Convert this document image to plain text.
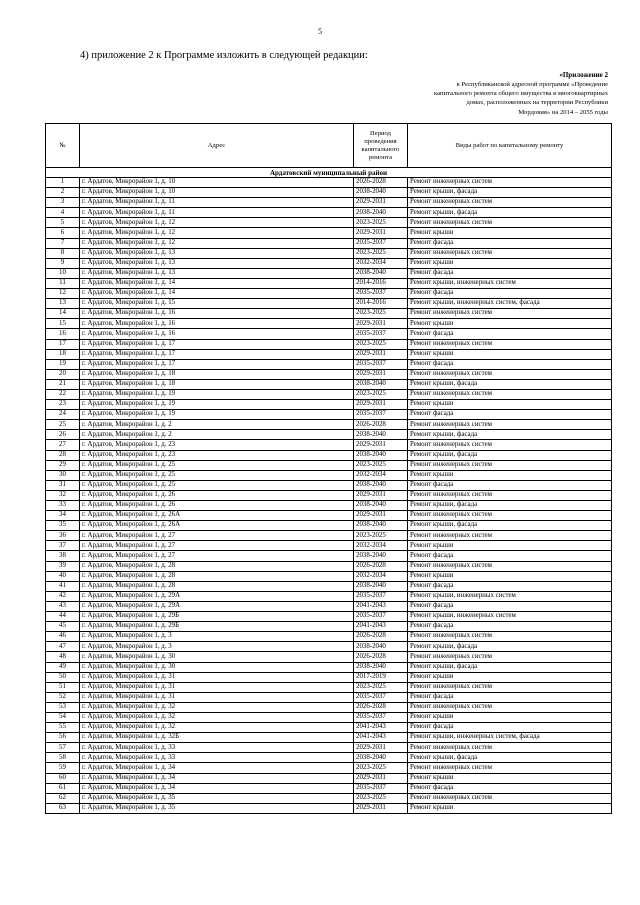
5
4) приложение 2 к Программе изложить в следующей редакции:
«Приложение 2
к Республиканской адресной программе «Проведение
капитального ремонта общего имущества в многоквартирных
домах, расположенных на территории Республики
Мордовия» на 2014 – 2055 годы
№	Адрес	Период проведения капитального ремонта	Виды работ по капитальному ремонту
Ардатовский муниципальный район			
1	г. Ардатов, Микрорайон 1, д. 10	2026-2028	Ремонт инженерных систем
2	г. Ардатов, Микрорайон 1, д. 10	2038-2040	Ремонт крыши, фасада
3	г. Ардатов, Микрорайон 1, д. 11	2029-2031	Ремонт инженерных систем
4	г. Ардатов, Микрорайон 1, д. 11	2038-2040	Ремонт крыши, фасада
5	г. Ардатов, Микрорайон 1, д. 12	2023-2025	Ремонт инженерных систем
6	г. Ардатов, Микрорайон 1, д. 12	2029-2031	Ремонт крыши
7	г. Ардатов, Микрорайон 1, д. 12	2035-2037	Ремонт фасада
8	г. Ардатов, Микрорайон 1, д. 13	2023-2025	Ремонт инженерных систем
9	г. Ардатов, Микрорайон 1, д. 13	2032-2034	Ремонт крыши
10	г. Ардатов, Микрорайон 1, д. 13	2038-2040	Ремонт фасада
11	г. Ардатов, Микрорайон 1, д. 14	2014-2016	Ремонт крыши, инженерных систем
12	г. Ардатов, Микрорайон 1, д. 14	2035-2037	Ремонт фасада
13	г. Ардатов, Микрорайон 1, д. 15	2014-2016	Ремонт крыши, инженерных систем, фасада
14	г. Ардатов, Микрорайон 1, д. 16	2023-2025	Ремонт инженерных систем
15	г. Ардатов, Микрорайон 1, д. 16	2029-2031	Ремонт крыши
16	г. Ардатов, Микрорайон 1, д. 16	2035-2037	Ремонт фасада
17	г. Ардатов, Микрорайон 1, д. 17	2023-2025	Ремонт инженерных систем
18	г. Ардатов, Микрорайон 1, д. 17	2029-2031	Ремонт крыши
19	г. Ардатов, Микрорайон 1, д. 17	2035-2037	Ремонт фасада
20	г. Ардатов, Микрорайон 1, д. 18	2029-2031	Ремонт инженерных систем
21	г. Ардатов, Микрорайон 1, д. 18	2038-2040	Ремонт крыши, фасада
22	г. Ардатов, Микрорайон 1, д. 19	2023-2025	Ремонт инженерных систем
23	г. Ардатов, Микрорайон 1, д. 19	2029-2031	Ремонт крыши
24	г. Ардатов, Микрорайон 1, д. 19	2035-2037	Ремонт фасада
25	г. Ардатов, Микрорайон 1, д. 2	2026-2028	Ремонт инженерных систем
26	г. Ардатов, Микрорайон 1, д. 2	2038-2040	Ремонт крыши, фасада
27	г. Ардатов, Микрорайон 1, д. 23	2029-2031	Ремонт инженерных систем
28	г. Ардатов, Микрорайон 1, д. 23	2038-2040	Ремонт крыши, фасада
29	г. Ардатов, Микрорайон 1, д. 25	2023-2025	Ремонт инженерных систем
30	г. Ардатов, Микрорайон 1, д. 25	2032-2034	Ремонт крыши
31	г. Ардатов, Микрорайон 1, д. 25	2038-2040	Ремонт фасада
32	г. Ардатов, Микрорайон 1, д. 26	2029-2031	Ремонт инженерных систем
33	г. Ардатов, Микрорайон 1, д. 26	2038-2040	Ремонт крыши, фасада
34	г. Ардатов, Микрорайон 1, д. 26А	2029-2031	Ремонт инженерных систем
35	г. Ардатов, Микрорайон 1, д. 26А	2038-2040	Ремонт крыши, фасада
36	г. Ардатов, Микрорайон 1, д. 27	2023-2025	Ремонт инженерных систем
37	г. Ардатов, Микрорайон 1, д. 27	2032-2034	Ремонт крыши
38	г. Ардатов, Микрорайон 1, д. 27	2038-2040	Ремонт фасада
39	г. Ардатов, Микрорайон 1, д. 28	2026-2028	Ремонт инженерных систем
40	г. Ардатов, Микрорайон 1, д. 28	2032-2034	Ремонт крыши
41	г. Ардатов, Микрорайон 1, д. 28	2038-2040	Ремонт фасада
42	г. Ардатов, Микрорайон 1, д. 29А	2035-2037	Ремонт крыши, инженерных систем
43	г. Ардатов, Микрорайон 1, д. 29А	2041-2043	Ремонт фасада
44	г. Ардатов, Микрорайон 1, д. 29Б	2035-2037	Ремонт крыши, инженерных систем
45	г. Ардатов, Микрорайон 1, д. 29Б	2041-2043	Ремонт фасада
46	г. Ардатов, Микрорайон 1, д. 3	2026-2028	Ремонт инженерных систем
47	г. Ардатов, Микрорайон 1, д. 3	2038-2040	Ремонт крыши, фасада
48	г. Ардатов, Микрорайон 1, д. 30	2026-2028	Ремонт инженерных систем
49	г. Ардатов, Микрорайон 1, д. 30	2038-2040	Ремонт крыши, фасада
50	г. Ардатов, Микрорайон 1, д. 31	2017-2019	Ремонт крыши
51	г. Ардатов, Микрорайон 1, д. 31	2023-2025	Ремонт инженерных систем
52	г. Ардатов, Микрорайон 1, д. 31	2035-2037	Ремонт фасада
53	г. Ардатов, Микрорайон 1, д. 32	2026-2028	Ремонт инженерных систем
54	г. Ардатов, Микрорайон 1, д. 32	2035-2037	Ремонт крыши
55	г. Ардатов, Микрорайон 1, д. 32	2041-2043	Ремонт фасада
56	г. Ардатов, Микрорайон 1, д. 32Б	2041-2043	Ремонт крыши, инженерных систем, фасада
57	г. Ардатов, Микрорайон 1, д. 33	2029-2031	Ремонт инженерных систем
58	г. Ардатов, Микрорайон 1, д. 33	2038-2040	Ремонт крыши, фасада
59	г. Ардатов, Микрорайон 1, д. 34	2023-2025	Ремонт инженерных систем
60	г. Ардатов, Микрорайон 1, д. 34	2029-2031	Ремонт крыши
61	г. Ардатов, Микрорайон 1, д. 34	2035-2037	Ремонт фасада
62	г. Ардатов, Микрорайон 1, д. 35	2023-2025	Ремонт инженерных систем
63	г. Ардатов, Микрорайон 1, д. 35	2029-2031	Ремонт крыши
